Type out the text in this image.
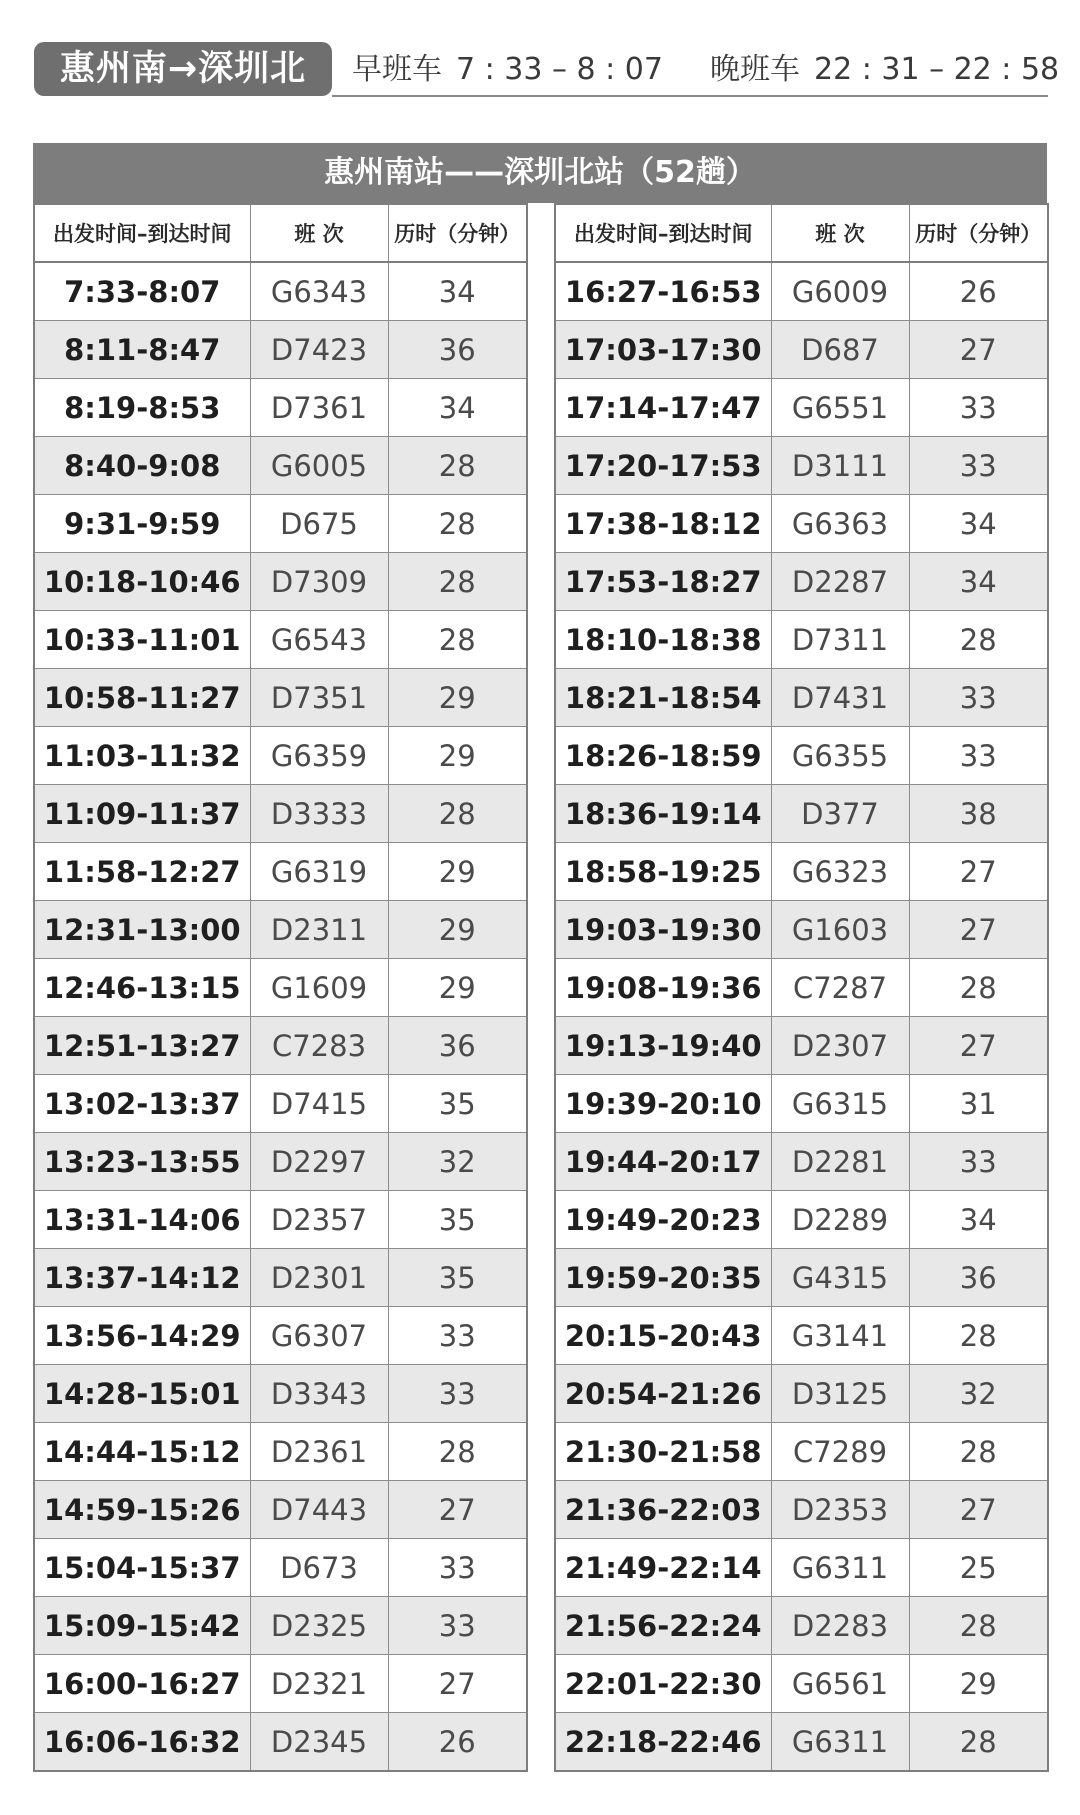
惠州南→深圳北	早班车 7 : 33 – 8 : 07 晚班车 22 : 31 – 22 : 58
惠州南站——深圳北站（52趟）
出发时间–到达时间	班 次	历时（分钟）
7:33-8:07	G6343	34
8:11-8:47	D7423	36
8:19-8:53	D7361	34
8:40-9:08	G6005	28
9:31-9:59	D675	28
10:18-10:46	D7309	28
10:33-11:01	G6543	28
10:58-11:27	D7351	29
11:03-11:32	G6359	29
11:09-11:37	D3333	28
11:58-12:27	G6319	29
12:31-13:00	D2311	29
12:46-13:15	G1609	29
12:51-13:27	C7283	36
13:02-13:37	D7415	35
13:23-13:55	D2297	32
13:31-14:06	D2357	35
13:37-14:12	D2301	35
13:56-14:29	G6307	33
14:28-15:01	D3343	33
14:44-15:12	D2361	28
14:59-15:26	D7443	27
15:04-15:37	D673	33
15:09-15:42	D2325	33
16:00-16:27	D2321	27
16:06-16:32	D2345	26
出发时间–到达时间	班 次	历时（分钟）
16:27-16:53	G6009	26
17:03-17:30	D687	27
17:14-17:47	G6551	33
17:20-17:53	D3111	33
17:38-18:12	G6363	34
17:53-18:27	D2287	34
18:10-18:38	D7311	28
18:21-18:54	D7431	33
18:26-18:59	G6355	33
18:36-19:14	D377	38
18:58-19:25	G6323	27
19:03-19:30	G1603	27
19:08-19:36	C7287	28
19:13-19:40	D2307	27
19:39-20:10	G6315	31
19:44-20:17	D2281	33
19:49-20:23	D2289	34
19:59-20:35	G4315	36
20:15-20:43	G3141	28
20:54-21:26	D3125	32
21:30-21:58	C7289	28
21:36-22:03	D2353	27
21:49-22:14	G6311	25
21:56-22:24	D2283	28
22:01-22:30	G6561	29
22:18-22:46	G6311	28
